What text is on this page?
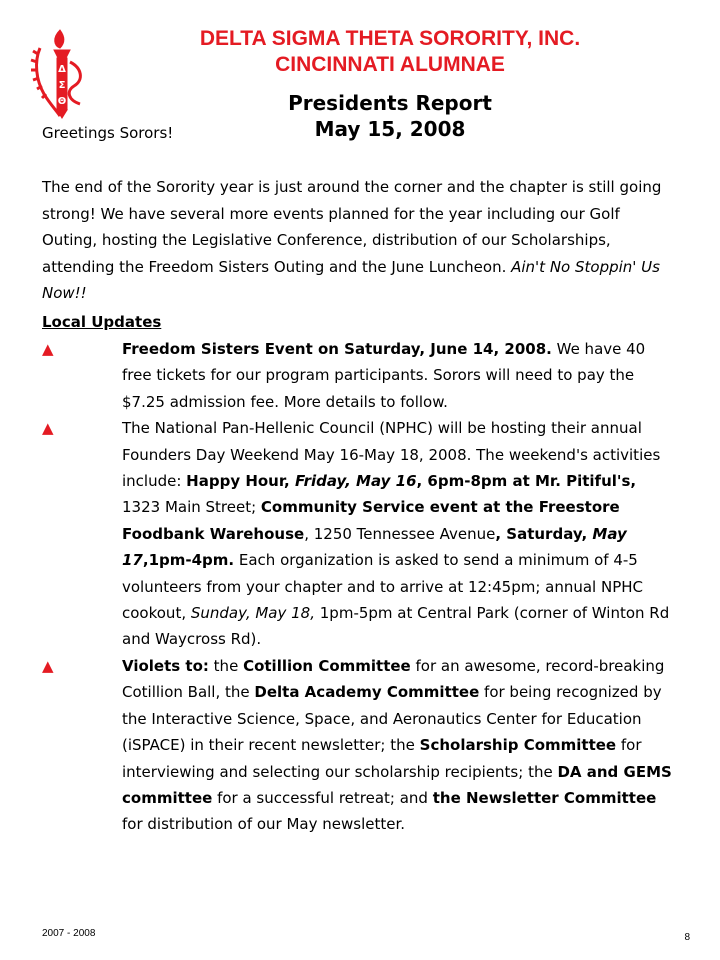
Δ
Σ
Θ
DELTA SIGMA THETA SORORITY, INC.
CINCINNATI ALUMNAE
Presidents Report
May 15, 2008
Greetings Sorors!

The end of the Sorority year is just around the corner and the chapter is still going strong! We have several more events planned for the year including our Golf Outing, hosting the Legislative Conference, distribution of our Scholarships, attending the Freedom Sisters Outing and the June Luncheon. Ain't No Stoppin' Us Now!!

Local Updates
▲	Freedom Sisters Event on Saturday, June 14, 2008. We have 40 free tickets for our program participants. Sorors will need to pay the $7.25 admission fee. More details to follow.
▲	The National Pan-Hellenic Council (NPHC) will be hosting their annual Founders Day Weekend May 16-May 18, 2008. The weekend's activities include: Happy Hour, Friday, May 16, 6pm-8pm at Mr. Pitiful's, 1323 Main Street; Community Service event at the Freestore Foodbank Warehouse, 1250 Tennessee Avenue, Saturday, May 17,1pm-4pm. Each organization is asked to send a minimum of 4-5 volunteers from your chapter and to arrive at 12:45pm; annual NPHC cookout, Sunday, May 18, 1pm-5pm at Central Park (corner of Winton Rd and Waycross Rd).
▲	Violets to: the Cotillion Committee for an awesome, record-breaking Cotillion Ball, the Delta Academy Committee for being recognized by the Interactive Science, Space, and Aeronautics Center for Education (iSPACE) in their recent newsletter; the Scholarship Committee for interviewing and selecting our scholarship recipients; the DA and GEMS committee for a successful retreat; and the Newsletter Committee for distribution of our May newsletter.
2007 - 2008	8
